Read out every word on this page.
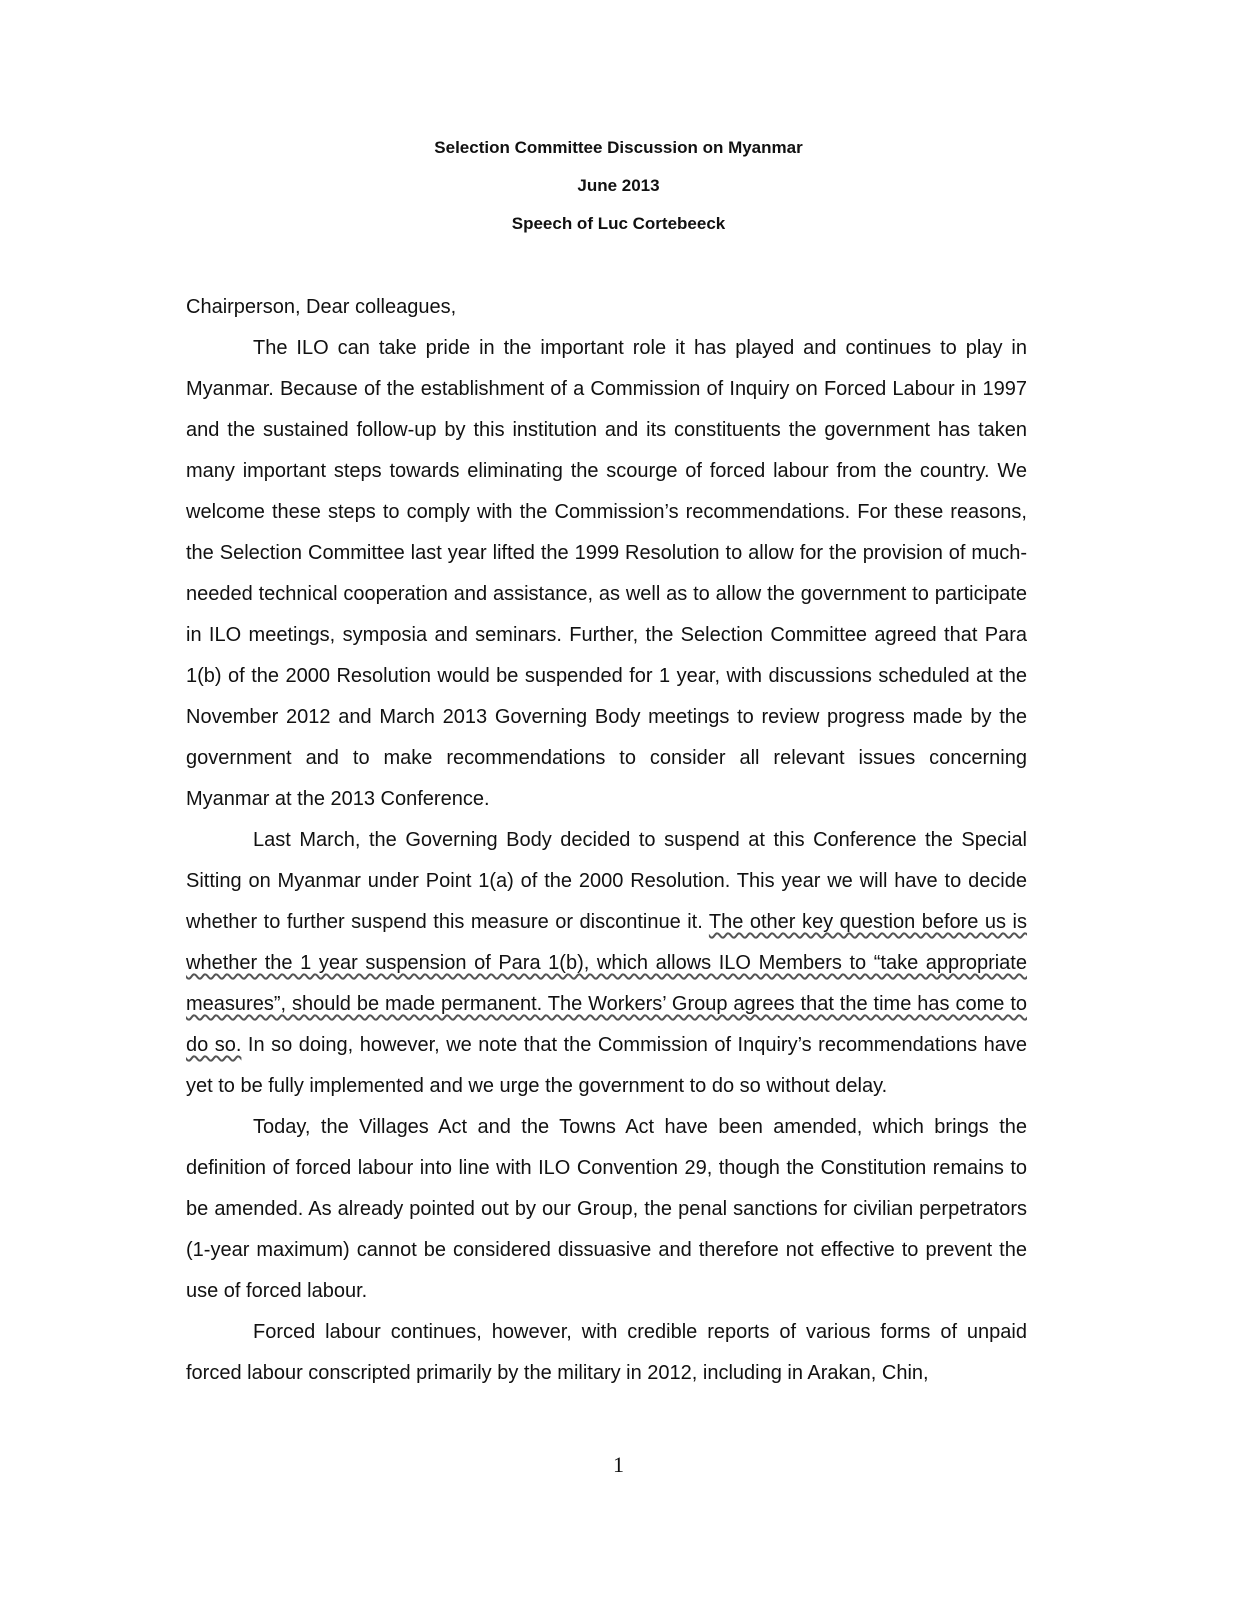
Selection Committee Discussion on Myanmar
June 2013
Speech of Luc Cortebeeck

Chairperson, Dear colleagues,

The ILO can take pride in the important role it has played and continues to play in Myanmar. Because of the establishment of a Commission of Inquiry on Forced Labour in 1997 and the sustained follow-up by this institution and its constituents the government has taken many important steps towards eliminating the scourge of forced labour from the country. We welcome these steps to comply with the Commission’s recommendations. For these reasons, the Selection Committee last year lifted the 1999 Resolution to allow for the provision of much-needed technical cooperation and assistance, as well as to allow the government to participate in ILO meetings, symposia and seminars. Further, the Selection Committee agreed that Para 1(b) of the 2000 Resolution would be suspended for 1 year, with discussions scheduled at the November 2012 and March 2013 Governing Body meetings to review progress made by the government and to make recommendations to consider all relevant issues concerning Myanmar at the 2013 Conference.

Last March, the Governing Body decided to suspend at this Conference the Special Sitting on Myanmar under Point 1(a) of the 2000 Resolution. This year we will have to decide whether to further suspend this measure or discontinue it. The other key question before us is whether the 1 year suspension of Para 1(b), which allows ILO Members to “take appropriate measures”, should be made permanent. The Workers’ Group agrees that the time has come to do so. In so doing, however, we note that the Commission of Inquiry’s recommendations have yet to be fully implemented and we urge the government to do so without delay.

Today, the Villages Act and the Towns Act have been amended, which brings the definition of forced labour into line with ILO Convention 29, though the Constitution remains to be amended. As already pointed out by our Group, the penal sanctions for civilian perpetrators (1-year maximum) cannot be considered dissuasive and therefore not effective to prevent the use of forced labour.

Forced labour continues, however, with credible reports of various forms of unpaid forced labour conscripted primarily by the military in 2012, including in Arakan, Chin,

1
